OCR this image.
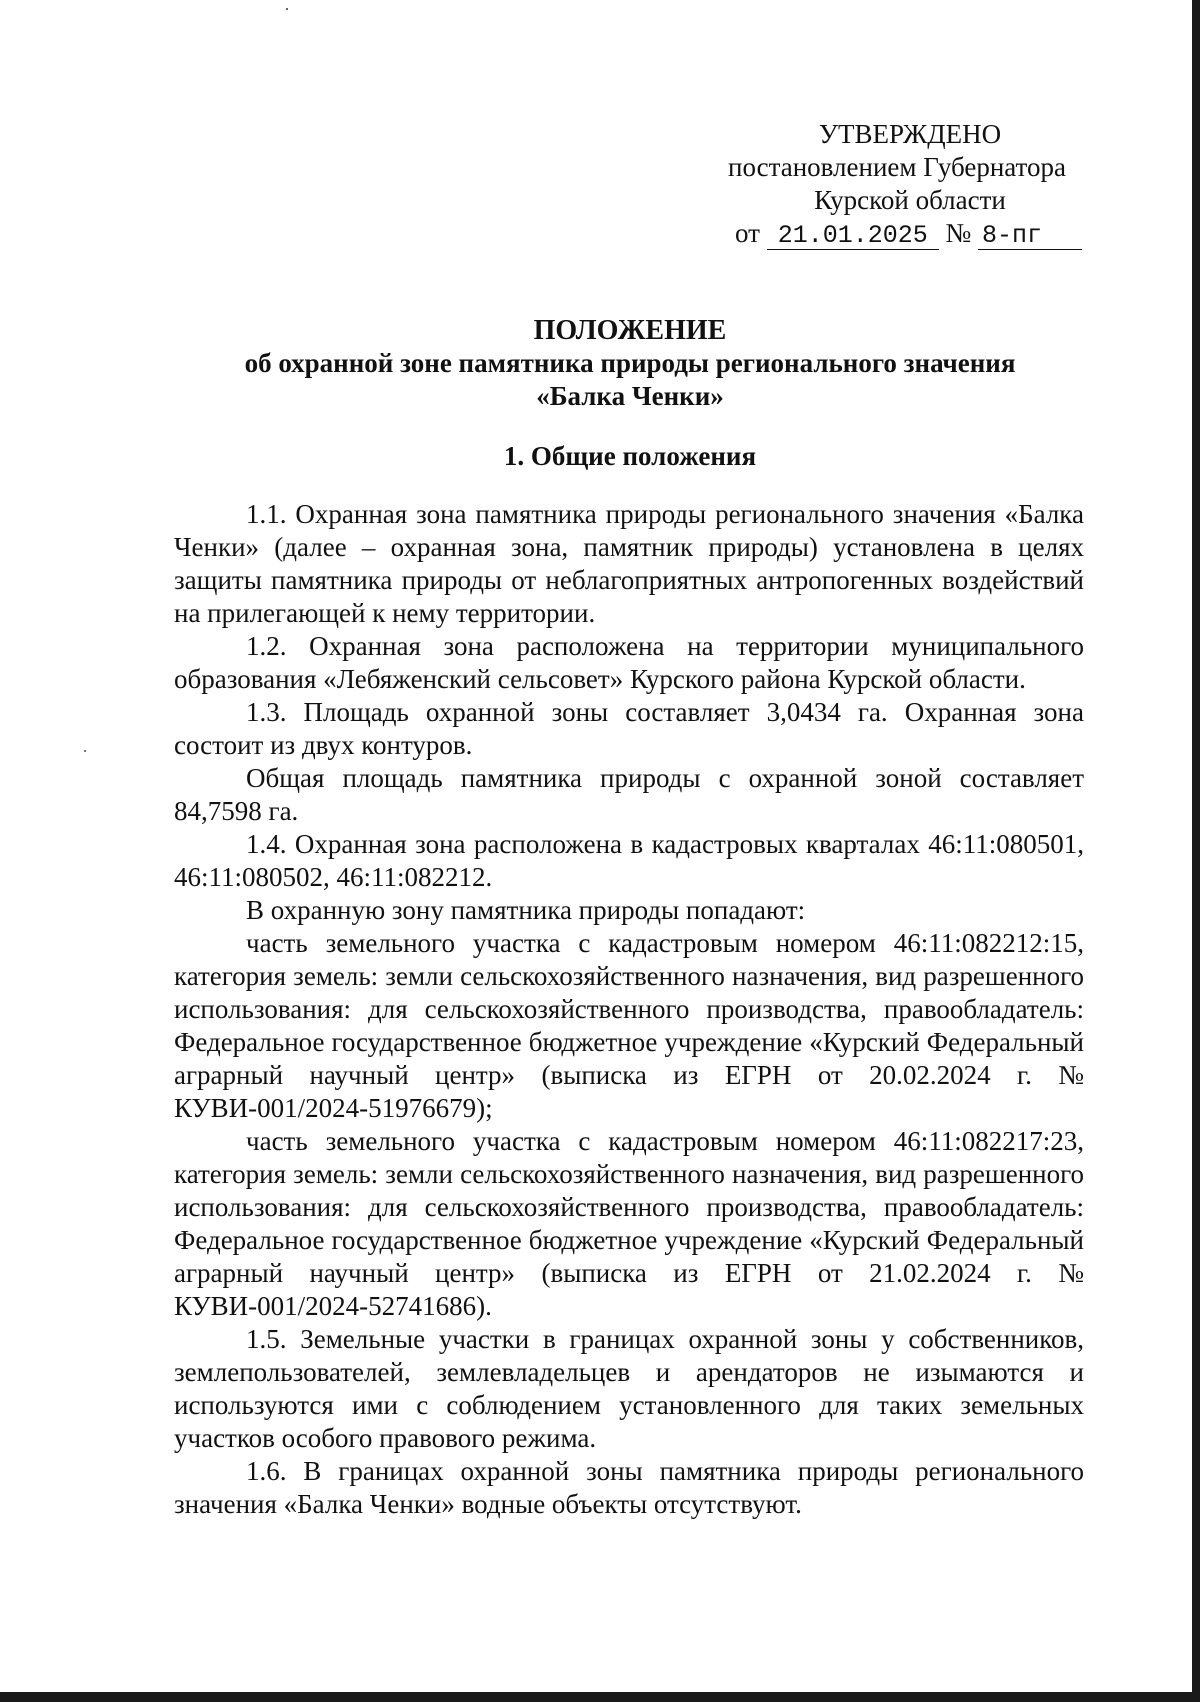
УТВЕРЖДЕНО
постановлением Губернатора
Курской области
от 21.01.2025 № 8-пг
ПОЛОЖЕНИЕ
об охранной зоне памятника природы регионального значения
«Балка Ченки»
1. Общие положения

1.1. Охранная зона памятника природы регионального значения «Балка Ченки» (далее – охранная зона, памятник природы) установлена в целях защиты памятника природы от неблагоприятных антропогенных воздействий на прилегающей к нему территории.

1.2. Охранная зона расположена на территории муниципального образования «Лебяженский сельсовет» Курского района Курской области.

1.3. Площадь охранной зоны составляет 3,0434 га. Охранная зона состоит из двух контуров.

Общая площадь памятника природы с охранной зоной составляет 84,7598 га.

1.4. Охранная зона расположена в кадастровых кварталах 46:11:080501, 46:11:080502, 46:11:082212.

В охранную зону памятника природы попадают:

часть земельного участка с кадастровым номером 46:11:082212:15, категория земель: земли сельскохозяйственного назначения, вид разрешенного использования: для сельскохозяйственного производства, правообладатель: Федеральное государственное бюджетное учреждение «Курский Федеральный аграрный научный центр» (выписка из ЕГРН от 20.02.2024 г. № КУВИ-001/2024-51976679);

часть земельного участка с кадастровым номером 46:11:082217:23, категория земель: земли сельскохозяйственного назначения, вид разрешенного использования: для сельскохозяйственного производства, правообладатель: Федеральное государственное бюджетное учреждение «Курский Федеральный аграрный научный центр» (выписка из ЕГРН от 21.02.2024 г. № КУВИ-001/2024-52741686).

1.5. Земельные участки в границах охранной зоны у собственников, землепользователей, землевладельцев и арендаторов не изымаются и используются ими с соблюдением установленного для таких земельных участков особого правового режима.

1.6. В границах охранной зоны памятника природы регионального значения «Балка Ченки» водные объекты отсутствуют.
